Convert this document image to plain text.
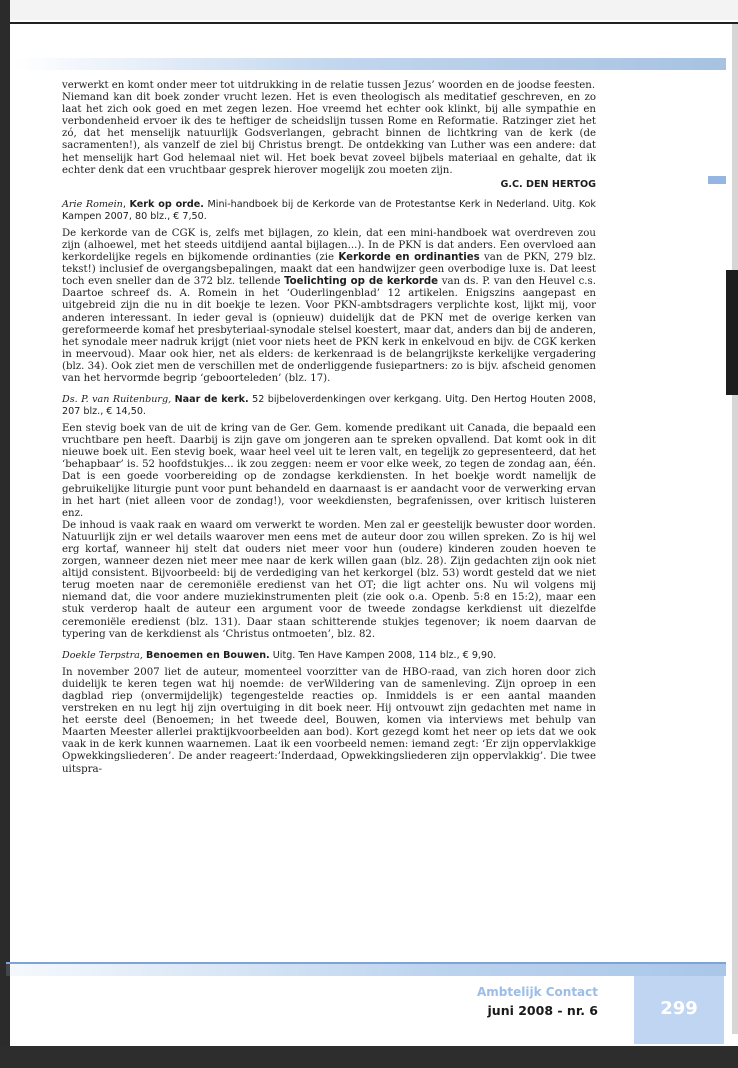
verwerkt en komt onder meer tot uitdrukking in de relatie tussen Jezus’ woorden en de joodse feesten.

Niemand kan dit boek zonder vrucht lezen. Het is even theologisch als meditatief geschreven, en zo laat het zich ook goed en met zegen lezen. Hoe vreemd het echter ook klinkt, bij alle sympathie en verbondenheid ervoer ik des te heftiger de scheidslijn tussen Rome en Reformatie. Ratzinger ziet het zó, dat het menselijk natuurlijk Godsverlangen, gebracht binnen de lichtkring van de kerk (de sacramenten!), als vanzelf de ziel bij Christus brengt. De ontdekking van Luther was een andere: dat het menselijk hart God helemaal niet wil. Het boek bevat zoveel bijbels materiaal en gehalte, dat ik echter denk dat een vruchtbaar gesprek hierover mogelijk zou moeten zijn.

G.C. DEN HERTOG

Arie Romein, Kerk op orde. Mini-handboek bij de Kerkorde van de Protestantse Kerk in Nederland. Uitg. Kok Kampen 2007, 80 blz., € 7,50.

De kerkorde van de CGK is, zelfs met bijlagen, zo klein, dat een mini-handboek wat overdreven zou zijn (alhoewel, met het steeds uitdijend aantal bijlagen...). In de PKN is dat anders. Een overvloed aan kerkordelijke regels en bijkomende ordinanties (zie Kerkorde en ordinanties van de PKN, 279 blz. tekst!) inclusief de overgangsbepalingen, maakt dat een handwijzer geen overbodige luxe is. Dat leest toch even sneller dan de 372 blz. tellende Toelichting op de kerkorde van ds. P. van den Heuvel c.s. Daartoe schreef ds. A. Romein in het ‘Ouderlingenblad’ 12 artikelen. Enigszins aangepast en uitgebreid zijn die nu in dit boekje te lezen. Voor PKN-ambtsdragers verplichte kost, lijkt mij, voor anderen interessant. In ieder geval is (opnieuw) duidelijk dat de PKN met de overige kerken van gereformeerde komaf het presbyteriaal-synodale stelsel koestert, maar dat, anders dan bij de anderen, het synodale meer nadruk krijgt (niet voor niets heet de PKN kerk in enkelvoud en bijv. de CGK kerken in meervoud). Maar ook hier, net als elders: de kerkenraad is de belangrijkste kerkelijke vergadering (blz. 34). Ook ziet men de verschillen met de onderliggende fusiepartners: zo is bijv. afscheid genomen van het hervormde begrip ‘geboorteleden’ (blz. 17).

Ds. P. van Ruitenburg, Naar de kerk. 52 bijbeloverdenkingen over kerkgang. Uitg. Den Hertog Houten 2008, 207 blz., € 14,50.

Een stevig boek van de uit de kring van de Ger. Gem. komende predikant uit Canada, die bepaald een vruchtbare pen heeft. Daarbij is zijn gave om jongeren aan te spreken opvallend. Dat komt ook in dit nieuwe boek uit. Een stevig boek, waar heel veel uit te leren valt, en tegelijk zo gepresenteerd, dat het ‘behapbaar’ is. 52 hoofdstukjes... ik zou zeggen: neem er voor elke week, zo tegen de zondag aan, één. Dat is een goede voorbereiding op de zondagse kerkdiensten. In het boekje wordt namelijk de gebruikelijke liturgie punt voor punt behandeld en daarnaast is er aandacht voor de verwerking ervan in het hart (niet alleen voor de zondag!), voor weekdiensten, begrafenissen, over kritisch luisteren enz.

De inhoud is vaak raak en waard om verwerkt te worden. Men zal er geestelijk bewuster door worden. Natuurlijk zijn er wel details waarover men eens met de auteur door zou willen spreken. Zo is hij wel erg kortaf, wanneer hij stelt dat ouders niet meer voor hun (oudere) kinderen zouden hoeven te zorgen, wanneer dezen niet meer mee naar de kerk willen gaan (blz. 28). Zijn gedachten zijn ook niet altijd consistent. Bijvoorbeeld: bij de verdediging van het kerkorgel (blz. 53) wordt gesteld dat we niet terug moeten naar de ceremoniële eredienst van het OT; die ligt achter ons. Nu wil volgens mij niemand dat, die voor andere muziekinstrumenten pleit (zie ook o.a. Openb. 5:8 en 15:2), maar een stuk verderop haalt de auteur een argument voor de tweede zondagse kerkdienst uit diezelfde ceremoniële eredienst (blz. 131). Daar staan schitterende stukjes tegenover; ik noem daarvan de typering van de kerkdienst als ‘Christus ontmoeten’, blz. 82.

Doekle Terpstra, Benoemen en Bouwen. Uitg. Ten Have Kampen 2008, 114 blz., € 9,90.

In november 2007 liet de auteur, momenteel voorzitter van de HBO-raad, van zich horen door zich duidelijk te keren tegen wat hij noemde: de verWildering van de samenleving. Zijn oproep in een dagblad riep (onvermijdelijk) tegengestelde reacties op. Inmiddels is er een aantal maanden verstreken en nu legt hij zijn overtuiging in dit boek neer. Hij ontvouwt zijn gedachten met name in het eerste deel (Benoemen; in het tweede deel, Bouwen, komen via interviews met behulp van Maarten Meester allerlei praktijkvoorbeelden aan bod). Kort gezegd komt het neer op iets dat we ook vaak in de kerk kunnen waarnemen. Laat ik een voorbeeld nemen: iemand zegt: ‘Er zijn oppervlakkige Opwekkingsliederen’. De ander reageert:’Inderdaad, Opwekkingsliederen zijn oppervlakkig’. Die twee uitspra-

Ambtelijk Contact
juni 2008 - nr. 6	299
